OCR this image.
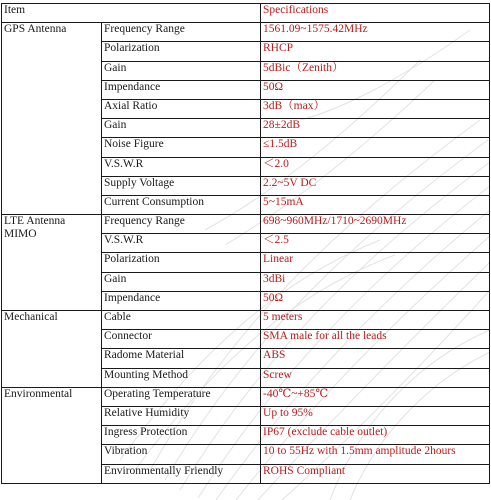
Item		Specifications

GPS Antenna	Frequency Range	1561.09~1575.42MHz
	Polarization	RHCP
	Gain	5dBic（Zenith）
	Impendance	50Ω
	Axial Ratio	3dB（max）
	Gain	28±2dB
	Noise Figure	≤1.5dB
	V.S.W.R	＜2.0
	Supply Voltage	2.2~5V DC
	Current Consumption	5~15mA

LTE Antenna
MIMO	Frequency Range	698~960MHz/1710~2690MHz
	V.S.W.R	＜2.5
	Polarization	Linear
	Gain	3dBi
	Impendance	50Ω

Mechanical	Cable	5 meters
	Connector	SMA male for all the leads
	Radome Material	ABS
	Mounting Method	Screw

Environmental	Operating Temperature	-40℃~+85℃
	Relative Humidity	Up to 95%
	Ingress Protection	IP67 (exclude cable outlet)
	Vibration	10 to 55Hz with 1.5mm amplitude 2hours
	Environmentally Friendly	ROHS Compliant
